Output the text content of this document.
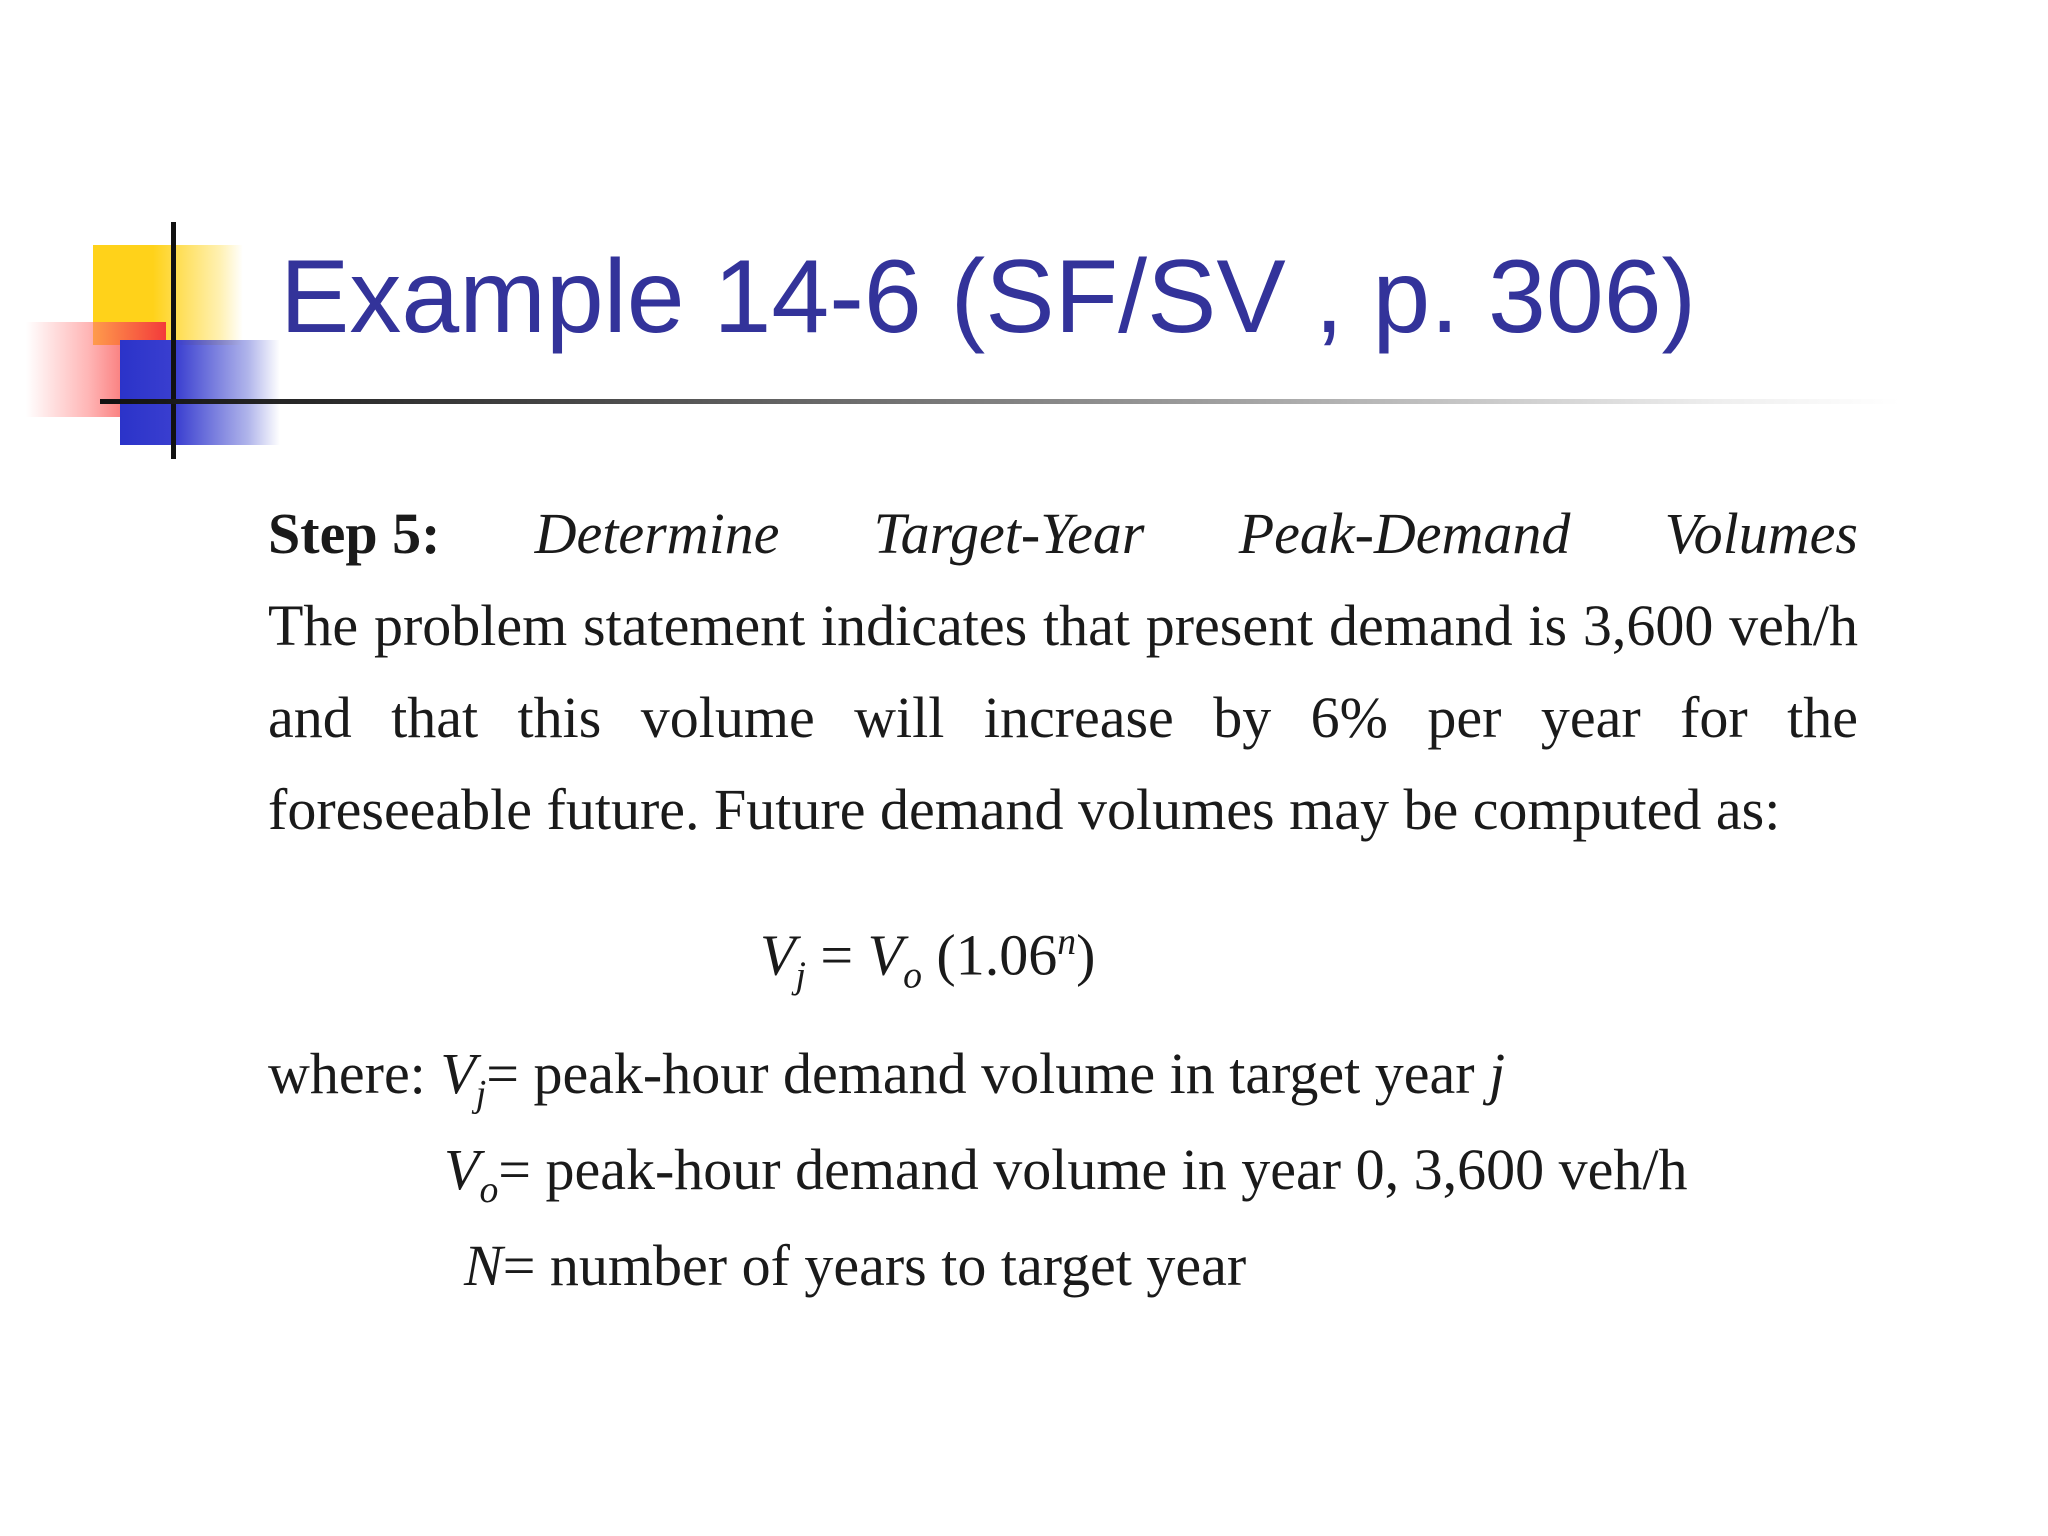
Example 14-6 (SF/SV , p. 306)
Step 5: Determine Target-Year Peak-Demand Volumes

The problem statement indicates that present demand is 3,600 veh/h and that this volume will increase by 6% per year for the foreseeable future. Future demand volumes may be computed as:

$V_j = V_o$ (1.06$^n$)
where: $V_j=$ peak-hour demand volume in target year j
$V_o=$ peak-hour demand volume in year 0, 3,600 veh/h
N= number of years to target year
